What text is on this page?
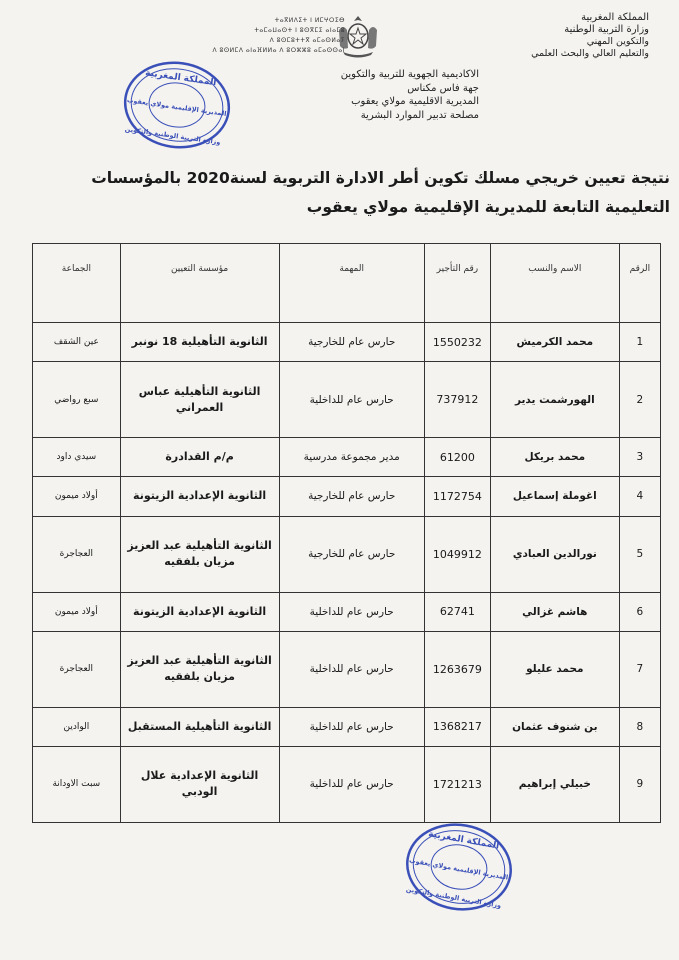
المملكة المغربية
وزارة التربية الوطنية
والتكوين المهني
والتعليم العالي والبحث العلمي
ⵜⴰⴳⵍⴷⵉⵜ ⵏ ⵍⵎⵖⵔⵉⴱ
ⵜⴰⵎⴰⵡⴰⵙⵜ ⵏ ⵓⵙⴳⵎⵉ ⴰⵏⴰⵎⵓ
ⴷ ⵓⵙⵎⵓⵜⵜⴳ ⴰⵎⴰⵙⵍⴰⵢ
ⴷ ⵓⵙⵍⵎⴷ ⴰⵏⴰⴼⵍⵍⴰ ⴷ ⵓⵔⵣⵣⵓ ⴰⵎⴰⵙⵙⴰⵏ
الاكاديمية الجهوية للتربية والتكوين
جهة فاس مكناس
المديرية الاقليمية مولاي يعقوب
مصلحة تدبير الموارد البشرية
المملكة المغربية
المديرية الإقليمية مولاي يعقوب
وزارة التربية الوطنية والتكوين
نتيجة تعيين خريجي مسلك تكوين أطر الادارة التربوية لسنة2020 بالمؤسسات التعليمية التابعة للمديرية الإقليمية مولاي يعقوب
الرقم	الاسم والنسب	رقم التأجير	المهمة	مؤسسة التعيين	الجماعة
1	محمد الكرميش	1550232	حارس عام للخارجية	الثانوية التأهيلية 18 نونبر	عين الشقف
2	الهورشمت يدير	737912	حارس عام للداخلية	الثانوية التأهيلية عباس العمراني	سبع رواضي
3	محمد بريكل	61200	مدير مجموعة مدرسية	م/م القدادرة	سيدي داود
4	اغوملة إسماعيل	1172754	حارس عام للخارجية	الثانوية الإعدادية الزيتونة	أولاد ميمون
5	نورالدين العبادي	1049912	حارس عام للخارجية	الثانوية التأهيلية عبد العزيز مزيان بلفقيه	العجاجرة
6	هاشم غزالي	62741	حارس عام للداخلية	الثانوية الإعدادية الزيتونة	أولاد ميمون
7	محمد عليلو	1263679	حارس عام للداخلية	الثانوية التأهيلية عبد العزيز مزيان بلفقيه	العجاجرة
8	بن شنوف عثمان	1368217	حارس عام للداخلية	الثانوية التأهيلية المستقبل	الوادين
9	خبيلي إبراهيم	1721213	حارس عام للداخلية	الثانوية الإعدادية علال الودبي	سبت الاودانة
المملكة المغربية
المديرية الإقليمية مولاي يعقوب
وزارة التربية الوطنية والتكوين
